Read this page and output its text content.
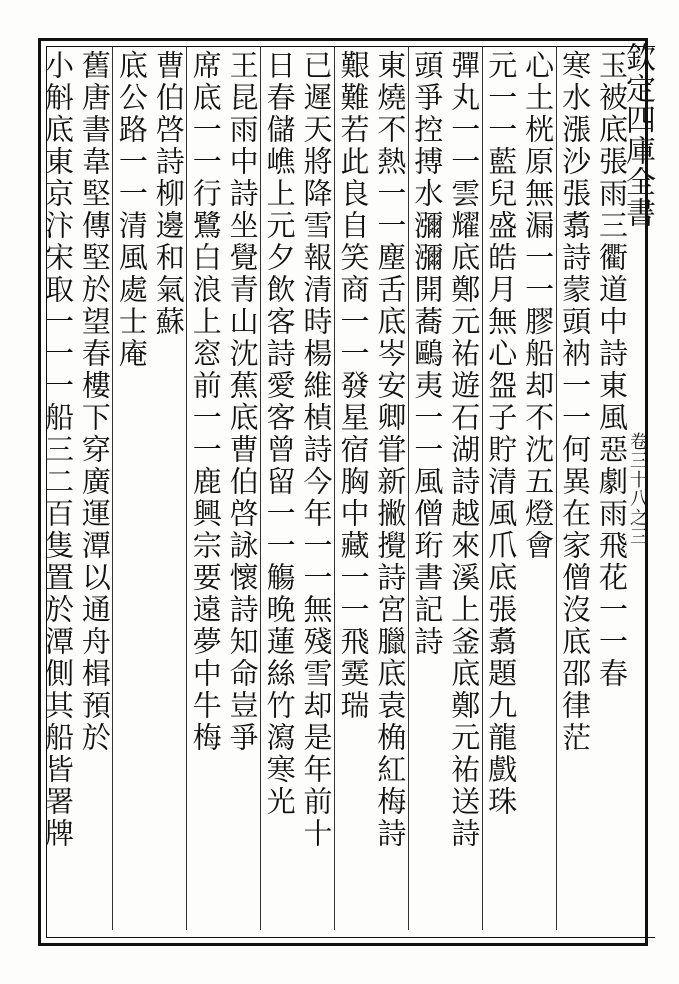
欽定四庫全書
卷三十八之三
玉被底張雨三衢道中詩東風惡劇雨飛花一一春
寒水漲沙張翥詩蒙頭衲一一何異在家僧沒底邵律茫
心土桄原無漏一一膠船却不沈五燈會
元一一藍兒盛皓月無心盌子貯清風爪底張翥題九龍戲珠
彈丸一一雲耀底鄭元祐遊石湖詩越來溪上釜底鄭元祐送詩
頭爭控搏水瀰瀰開蕎鷗夷一一風僧珩書記詩
東燒不熱一一塵舌底岑安卿甞新撇攪詩宮臘底袁桷紅梅詩
艱難若此良自笑商一一發星宿胸中藏一一飛霙瑞
已遲天將降雪報清時楊維楨詩今年一一無殘雪却是年前十
日春儲嶕上元夕飲客詩愛客曾留一一觴晚蓮絲竹瀉寒光
王昆雨中詩坐覺青山沈蕉底曹伯啓詠懷詩知命豈爭
席底一一行鷺白浪上窓前一一鹿興宗要遠夢中牛梅
曹伯啓詩柳邊和氣蘇
底公路一一清風處士庵
舊唐書韋堅傳堅於望春樓下穿廣運潭以通舟楫預於
小斛底東京汴宋取一一一船三二百隻置於潭側其船皆署牌
